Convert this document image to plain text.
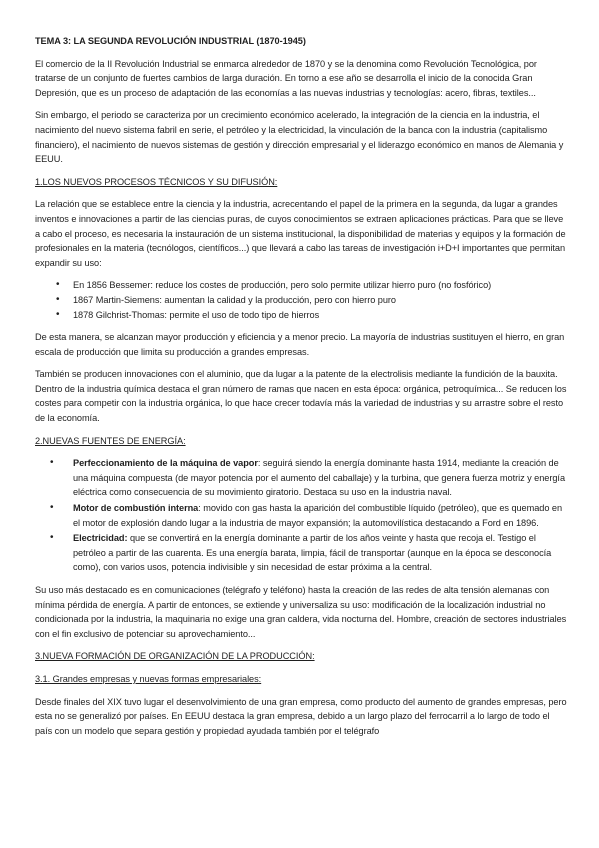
TEMA 3: LA SEGUNDA REVOLUCIÓN INDUSTRIAL (1870-1945)

El comercio de la II Revolución Industrial se enmarca alrededor de 1870 y se la denomina como Revolución Tecnológica, por tratarse de un conjunto de fuertes cambios de larga duración. En torno a ese año se desarrolla el inicio de la conocida Gran Depresión, que es un proceso de adaptación de las economías a las nuevas industrias y tecnologías: acero, fibras, textiles...

Sin embargo, el periodo se caracteriza por un crecimiento económico acelerado, la integración de la ciencia en la industria, el nacimiento del nuevo sistema fabril en serie, el petróleo y la electricidad, la vinculación de la banca con la industria (capitalismo financiero), el nacimiento de nuevos sistemas de gestión y dirección empresarial y el liderazgo económico en manos de Alemania y EEUU.

1.LOS NUEVOS PROCESOS TÉCNICOS Y SU DIFUSIÓN:

La relación que se establece entre la ciencia y la industria, acrecentando el papel de la primera en la segunda, da lugar a grandes inventos e innovaciones a partir de las ciencias puras, de cuyos conocimientos se extraen aplicaciones prácticas. Para que se lleve a cabo el proceso, es necesaria la instauración de un sistema institucional, la disponibilidad de materias y equipos y la formación de profesionales en la materia (tecnólogos, científicos...) que llevará a cabo las tareas de investigación i+D+I importantes que permitan expandir su uso:

• En 1856 Bessemer: reduce los costes de producción, pero solo permite utilizar hierro puro (no fosfórico)
• 1867 Martin-Siemens: aumentan la calidad y la producción, pero con hierro puro
• 1878 Gilchrist-Thomas: permite el uso de todo tipo de hierros

De esta manera, se alcanzan mayor producción y eficiencia y a menor precio. La mayoría de industrias sustituyen el hierro, en gran escala de producción que limita su producción a grandes empresas.

También se producen innovaciones con el aluminio, que da lugar a la patente de la electrolisis mediante la fundición de la bauxita. Dentro de la industria química destaca el gran número de ramas que nacen en esta época: orgánica, petroquímica... Se reducen los costes para competir con la industria orgánica, lo que hace crecer todavía más la variedad de industrias y su arrastre sobre el resto de la economía.

2.NUEVAS FUENTES DE ENERGÍA:
• Perfeccionamiento de la máquina de vapor: seguirá siendo la energía dominante hasta 1914, mediante la creación de una máquina compuesta (de mayor potencia por el aumento del caballaje) y la turbina, que genera fuerza motriz y energía eléctrica como consecuencia de su movimiento giratorio. Destaca su uso en la industria naval.
• Motor de combustión interna: movido con gas hasta la aparición del combustible líquido (petróleo), que es quemado en el motor de explosión dando lugar a la industria de mayor expansión; la automovilística destacando a Ford en 1896.
• Electricidad: que se convertirá en la energía dominante a partir de los años veinte y hasta que recoja el. Testigo el petróleo a partir de las cuarenta. Es una energía barata, limpia, fácil de transportar (aunque en la época se desconocía como), con varios usos, potencia indivisible y sin necesidad de estar próxima a la central.

Su uso más destacado es en comunicaciones (telégrafo y teléfono) hasta la creación de las redes de alta tensión alemanas con mínima pérdida de energía. A partir de entonces, se extiende y universaliza su uso: modificación de la localización industrial no condicionada por la industria, la maquinaria no exige una gran caldera, vida nocturna del. Hombre, creación de sectores industriales con el fin exclusivo de potenciar su aprovechamiento...

3.NUEVA FORMACIÓN DE ORGANIZACIÓN DE LA PRODUCCIÓN:
3.1. Grandes empresas y nuevas formas empresariales:

Desde finales del XIX tuvo lugar el desenvolvimiento de una gran empresa, como producto del aumento de grandes empresas, pero esta no se generalizó por países. En EEUU destaca la gran empresa, debido a un largo plazo del ferrocarril a lo largo de todo el país con un modelo que separa gestión y propiedad ayudada también por el telégrafo
